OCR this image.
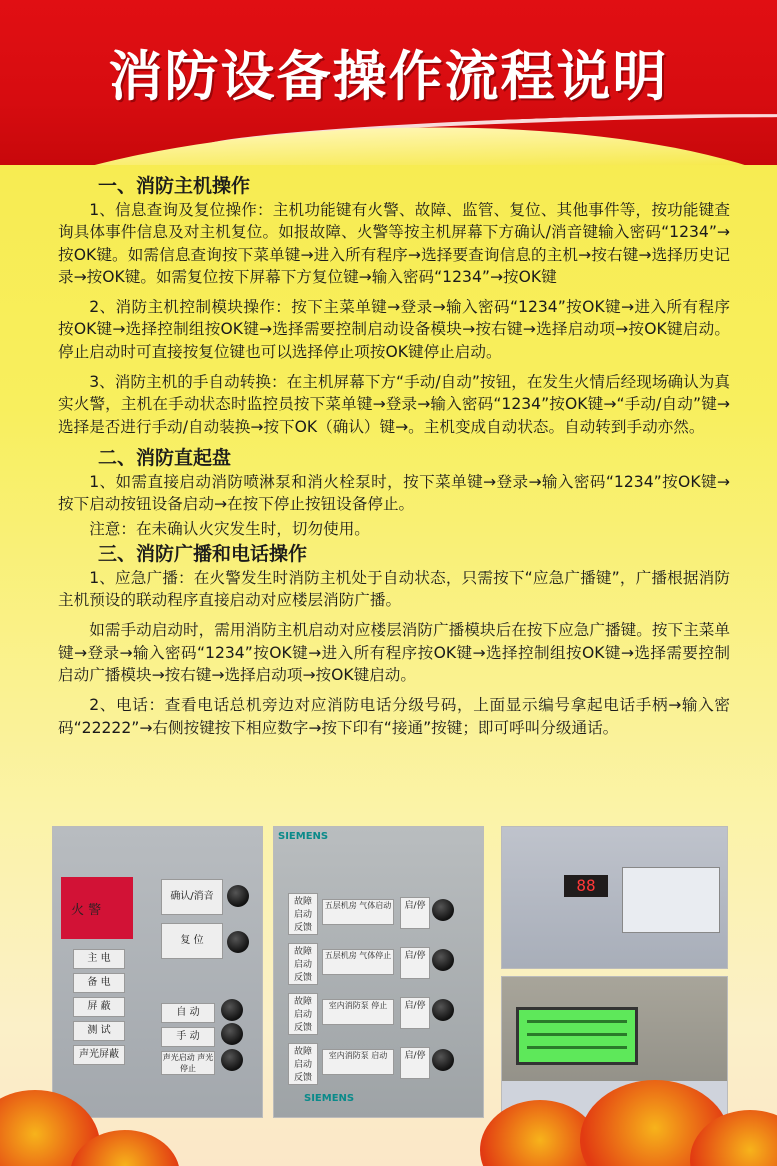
消防设备操作流程说明
一、消防主机操作
1、信息查询及复位操作：主机功能键有火警、故障、监管、复位、其他事件等，按功能键查询具体事件信息及对主机复位。如报故障、火警等按主机屏幕下方确认/消音键输入密码“1234”→按OK键。如需信息查询按下菜单键→进入所有程序→选择要查询信息的主机→按右键→选择历史记录→按OK键。如需复位按下屏幕下方复位键→输入密码“1234”→按OK键
2、消防主机控制模块操作：按下主菜单键→登录→输入密码“1234”按OK键→进入所有程序按OK键→选择控制组按OK键→选择需要控制启动设备模块→按右键→选择启动项→按OK键启动。停止启动时可直接按复位键也可以选择停止项按OK键停止启动。
3、消防主机的手自动转换：在主机屏幕下方“手动/自动”按钮，在发生火情后经现场确认为真实火警，主机在手动状态时监控员按下菜单键→登录→输入密码“1234”按OK键→“手动/自动”键→选择是否进行手动/自动装换→按下OK（确认）键→。主机变成自动状态。自动转到手动亦然。
二、消防直起盘
1、如需直接启动消防喷淋泵和消火栓泵时，按下菜单键→登录→输入密码“1234”按OK键→按下启动按钮设备启动→在按下停止按钮设备停止。
注意：在未确认火灾发生时，切勿使用。
三、消防广播和电话操作
1、应急广播：在火警发生时消防主机处于自动状态，只需按下“应急广播键”，广播根据消防主机预设的联动程序直接启动对应楼层消防广播。
如需手动启动时，需用消防主机启动对应楼层消防广播模块后在按下应急广播键。按下主菜单键→登录→输入密码“1234”按OK键→进入所有程序按OK键→选择控制组按OK键→选择需要控制启动广播模块→按右键→选择启动项→按OK键启动。
2、电话：查看电话总机旁边对应消防电话分级号码，上面显示编号拿起电话手柄→输入密码“22222”→右侧按键按下相应数字→按下印有“接通”按键；即可呼叫分级通话。
火 警
确认/消音
复 位
主 电
备 电
屏 蔽
测 试
声光屏蔽
自 动
手 动
声光启动 声光停止
SIEMENS
故障 启动 反馈
五层机房 气体启动	启/停
故障 启动 反馈
五层机房 气体停止	启/停
故障 启动 反馈
室内消防泵 停止	启/停
故障 启动 反馈
室内消防泵 启动	启/停
SIEMENS
88
